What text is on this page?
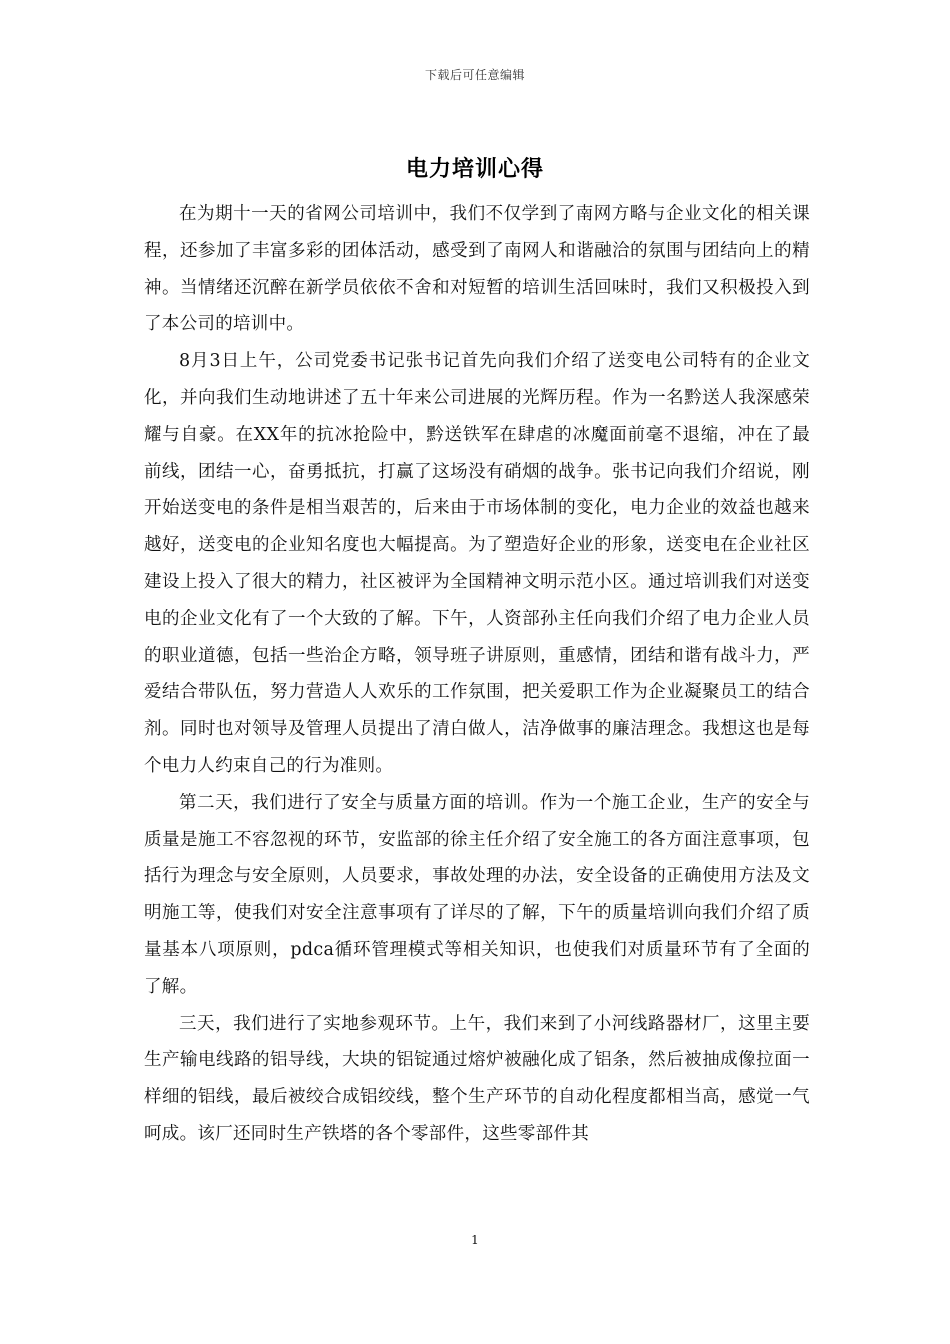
下载后可任意编辑
电力培训心得

在为期十一天的省网公司培训中，我们不仅学到了南网方略与企业文化的相关课程，还参加了丰富多彩的团体活动，感受到了南网人和谐融洽的氛围与团结向上的精神。当情绪还沉醉在新学员依依不舍和对短暂的培训生活回味时，我们又积极投入到了本公司的培训中。

8月3日上午，公司党委书记张书记首先向我们介绍了送变电公司特有的企业文化，并向我们生动地讲述了五十年来公司进展的光辉历程。作为一名黔送人我深感荣耀与自豪。在XX年的抗冰抢险中，黔送铁军在肆虐的冰魔面前毫不退缩，冲在了最前线，团结一心，奋勇抵抗，打赢了这场没有硝烟的战争。张书记向我们介绍说，刚开始送变电的条件是相当艰苦的，后来由于市场体制的变化，电力企业的效益也越来越好，送变电的企业知名度也大幅提高。为了塑造好企业的形象，送变电在企业社区建设上投入了很大的精力，社区被评为全国精神文明示范小区。通过培训我们对送变电的企业文化有了一个大致的了解。下午，人资部孙主任向我们介绍了电力企业人员的职业道德，包括一些治企方略，领导班子讲原则，重感情，团结和谐有战斗力，严爱结合带队伍，努力营造人人欢乐的工作氛围，把关爱职工作为企业凝聚员工的结合剂。同时也对领导及管理人员提出了清白做人，洁净做事的廉洁理念。我想这也是每个电力人约束自己的行为准则。

第二天，我们进行了安全与质量方面的培训。作为一个施工企业，生产的安全与质量是施工不容忽视的环节，安监部的徐主任介绍了安全施工的各方面注意事项，包括行为理念与安全原则，人员要求，事故处理的办法，安全设备的正确使用方法及文明施工等，使我们对安全注意事项有了详尽的了解，下午的质量培训向我们介绍了质量基本八项原则，pdca循环管理模式等相关知识，也使我们对质量环节有了全面的了解。

三天，我们进行了实地参观环节。上午，我们来到了小河线路器材厂，这里主要生产输电线路的铝导线，大块的铝锭通过熔炉被融化成了铝条，然后被抽成像拉面一样细的铝线，最后被绞合成铝绞线，整个生产环节的自动化程度都相当高，感觉一气呵成。该厂还同时生产铁塔的各个零部件，这些零部件其

1
